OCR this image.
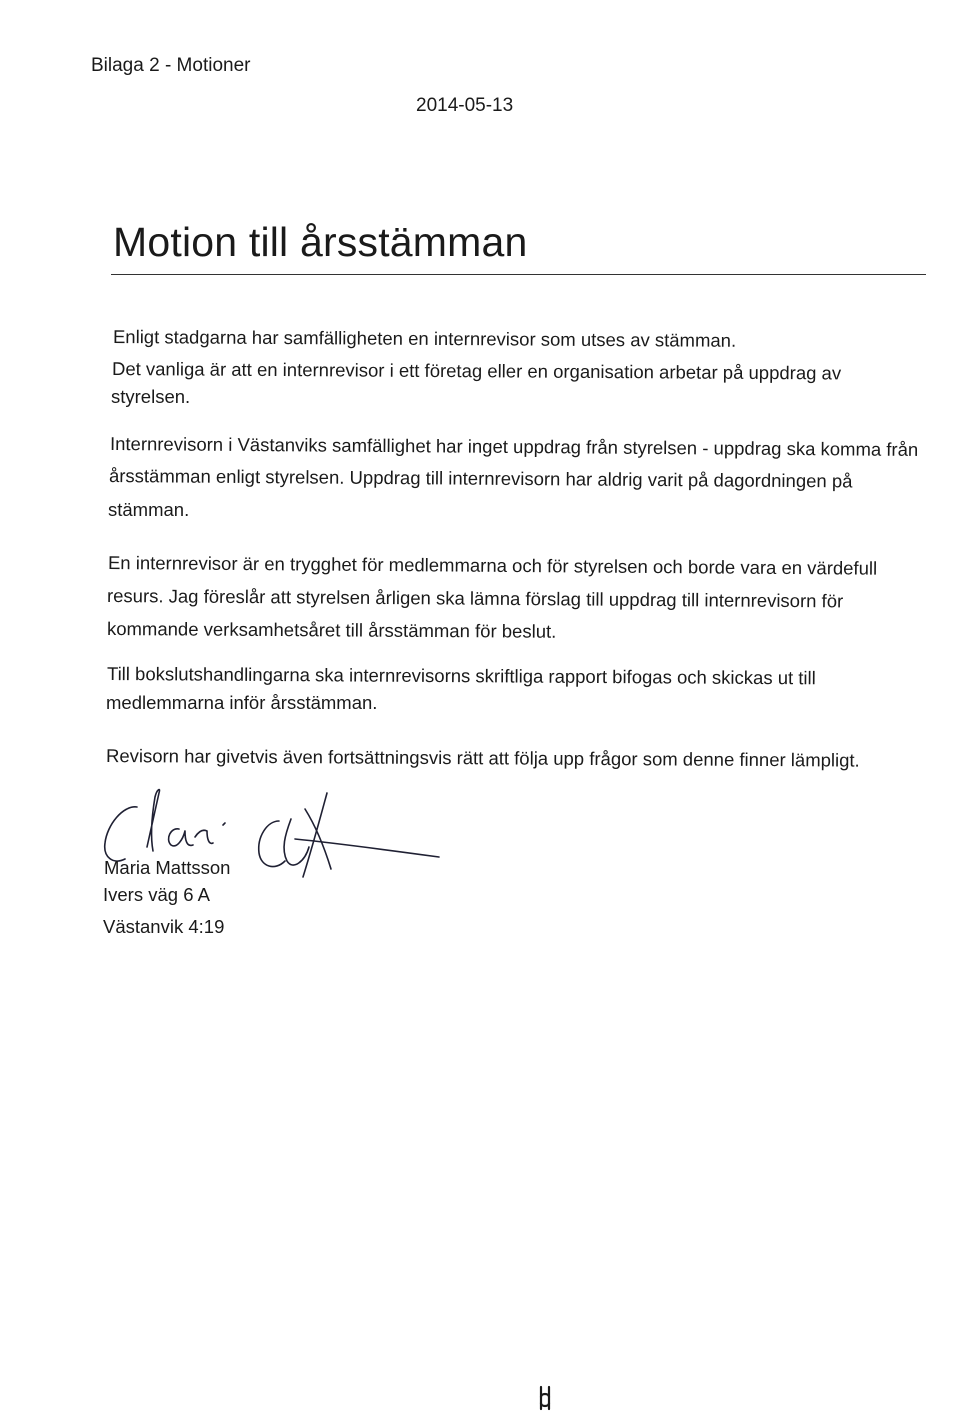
Bilaga 2 - Motioner
2014-05-13
Motion till årsstämman
Enligt stadgarna har samfälligheten en internrevisor som utses av stämman.
Det vanliga är att en internrevisor i ett företag eller en organisation arbetar på uppdrag av
styrelsen.
Internrevisorn i Västanviks samfällighet har inget uppdrag från styrelsen - uppdrag ska komma från
årsstämman enligt styrelsen. Uppdrag till internrevisorn har aldrig varit på dagordningen på
stämman.
En internrevisor är en trygghet för medlemmarna och för styrelsen och borde vara en värdefull
resurs. Jag föreslår att styrelsen årligen ska lämna förslag till uppdrag till internrevisorn för
kommande verksamhetsåret till årsstämman för beslut.
Till bokslutshandlingarna ska internrevisorns skriftliga rapport bifogas och skickas ut till
medlemmarna inför årsstämman.
Revisorn har givetvis även fortsättningsvis rätt att följa upp frågor som denne finner lämpligt.
Maria Mattsson
Ivers väg 6 A
Västanvik 4:19
